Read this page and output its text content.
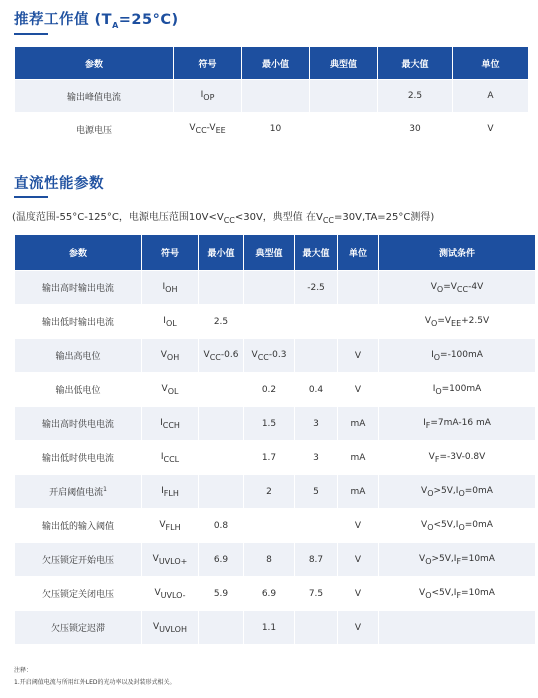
推荐工作值 $(T_A=25^\circ C)$
参数	符号	最小值	典型值	最大值	单位
输出峰值电流	IOP			2.5	A
电源电压	VCC-VEE	10		30	V
直流性能参数
(温度范围-55°C-125°C，电源电压范围$10V<V_{CC}<30V$，典型值 在$V_{CC}=30V,TA=25^\circ C$测得)
参数	符号	最小值	典型值	最大值	单位	测试条件
输出高时输出电流	IOH			-2.5		VO=VCC-4V
输出低时输出电流	IOL	2.5				VO=VEE+2.5V
输出高电位	VOH	VCC-0.6	VCC-0.3		V	IO=-100mA
输出低电位	VOL		0.2	0.4	V	IO=100mA
输出高时供电电流	ICCH		1.5	3	mA	IF=7mA-16 mA
输出低时供电电流	ICCL		1.7	3	mA	VF=-3V-0.8V
开启阈值电流$^1$	IFLH		2	5	mA	VO>5V,IO=0mA
输出低的输入阈值	VFLH	0.8			V	VO<5V,IO=0mA
欠压锁定开始电压	VUVLO+	6.9	8	8.7	V	VO>5V,IF=10mA
欠压锁定关闭电压	VUVLO-	5.9	6.9	7.5	V	VO<5V,IF=10mA
欠压锁定迟滞	VUVLOH		1.1		V	
注释：
1.开启阈值电流与所用红外LED的光功率以及封装形式相关。
